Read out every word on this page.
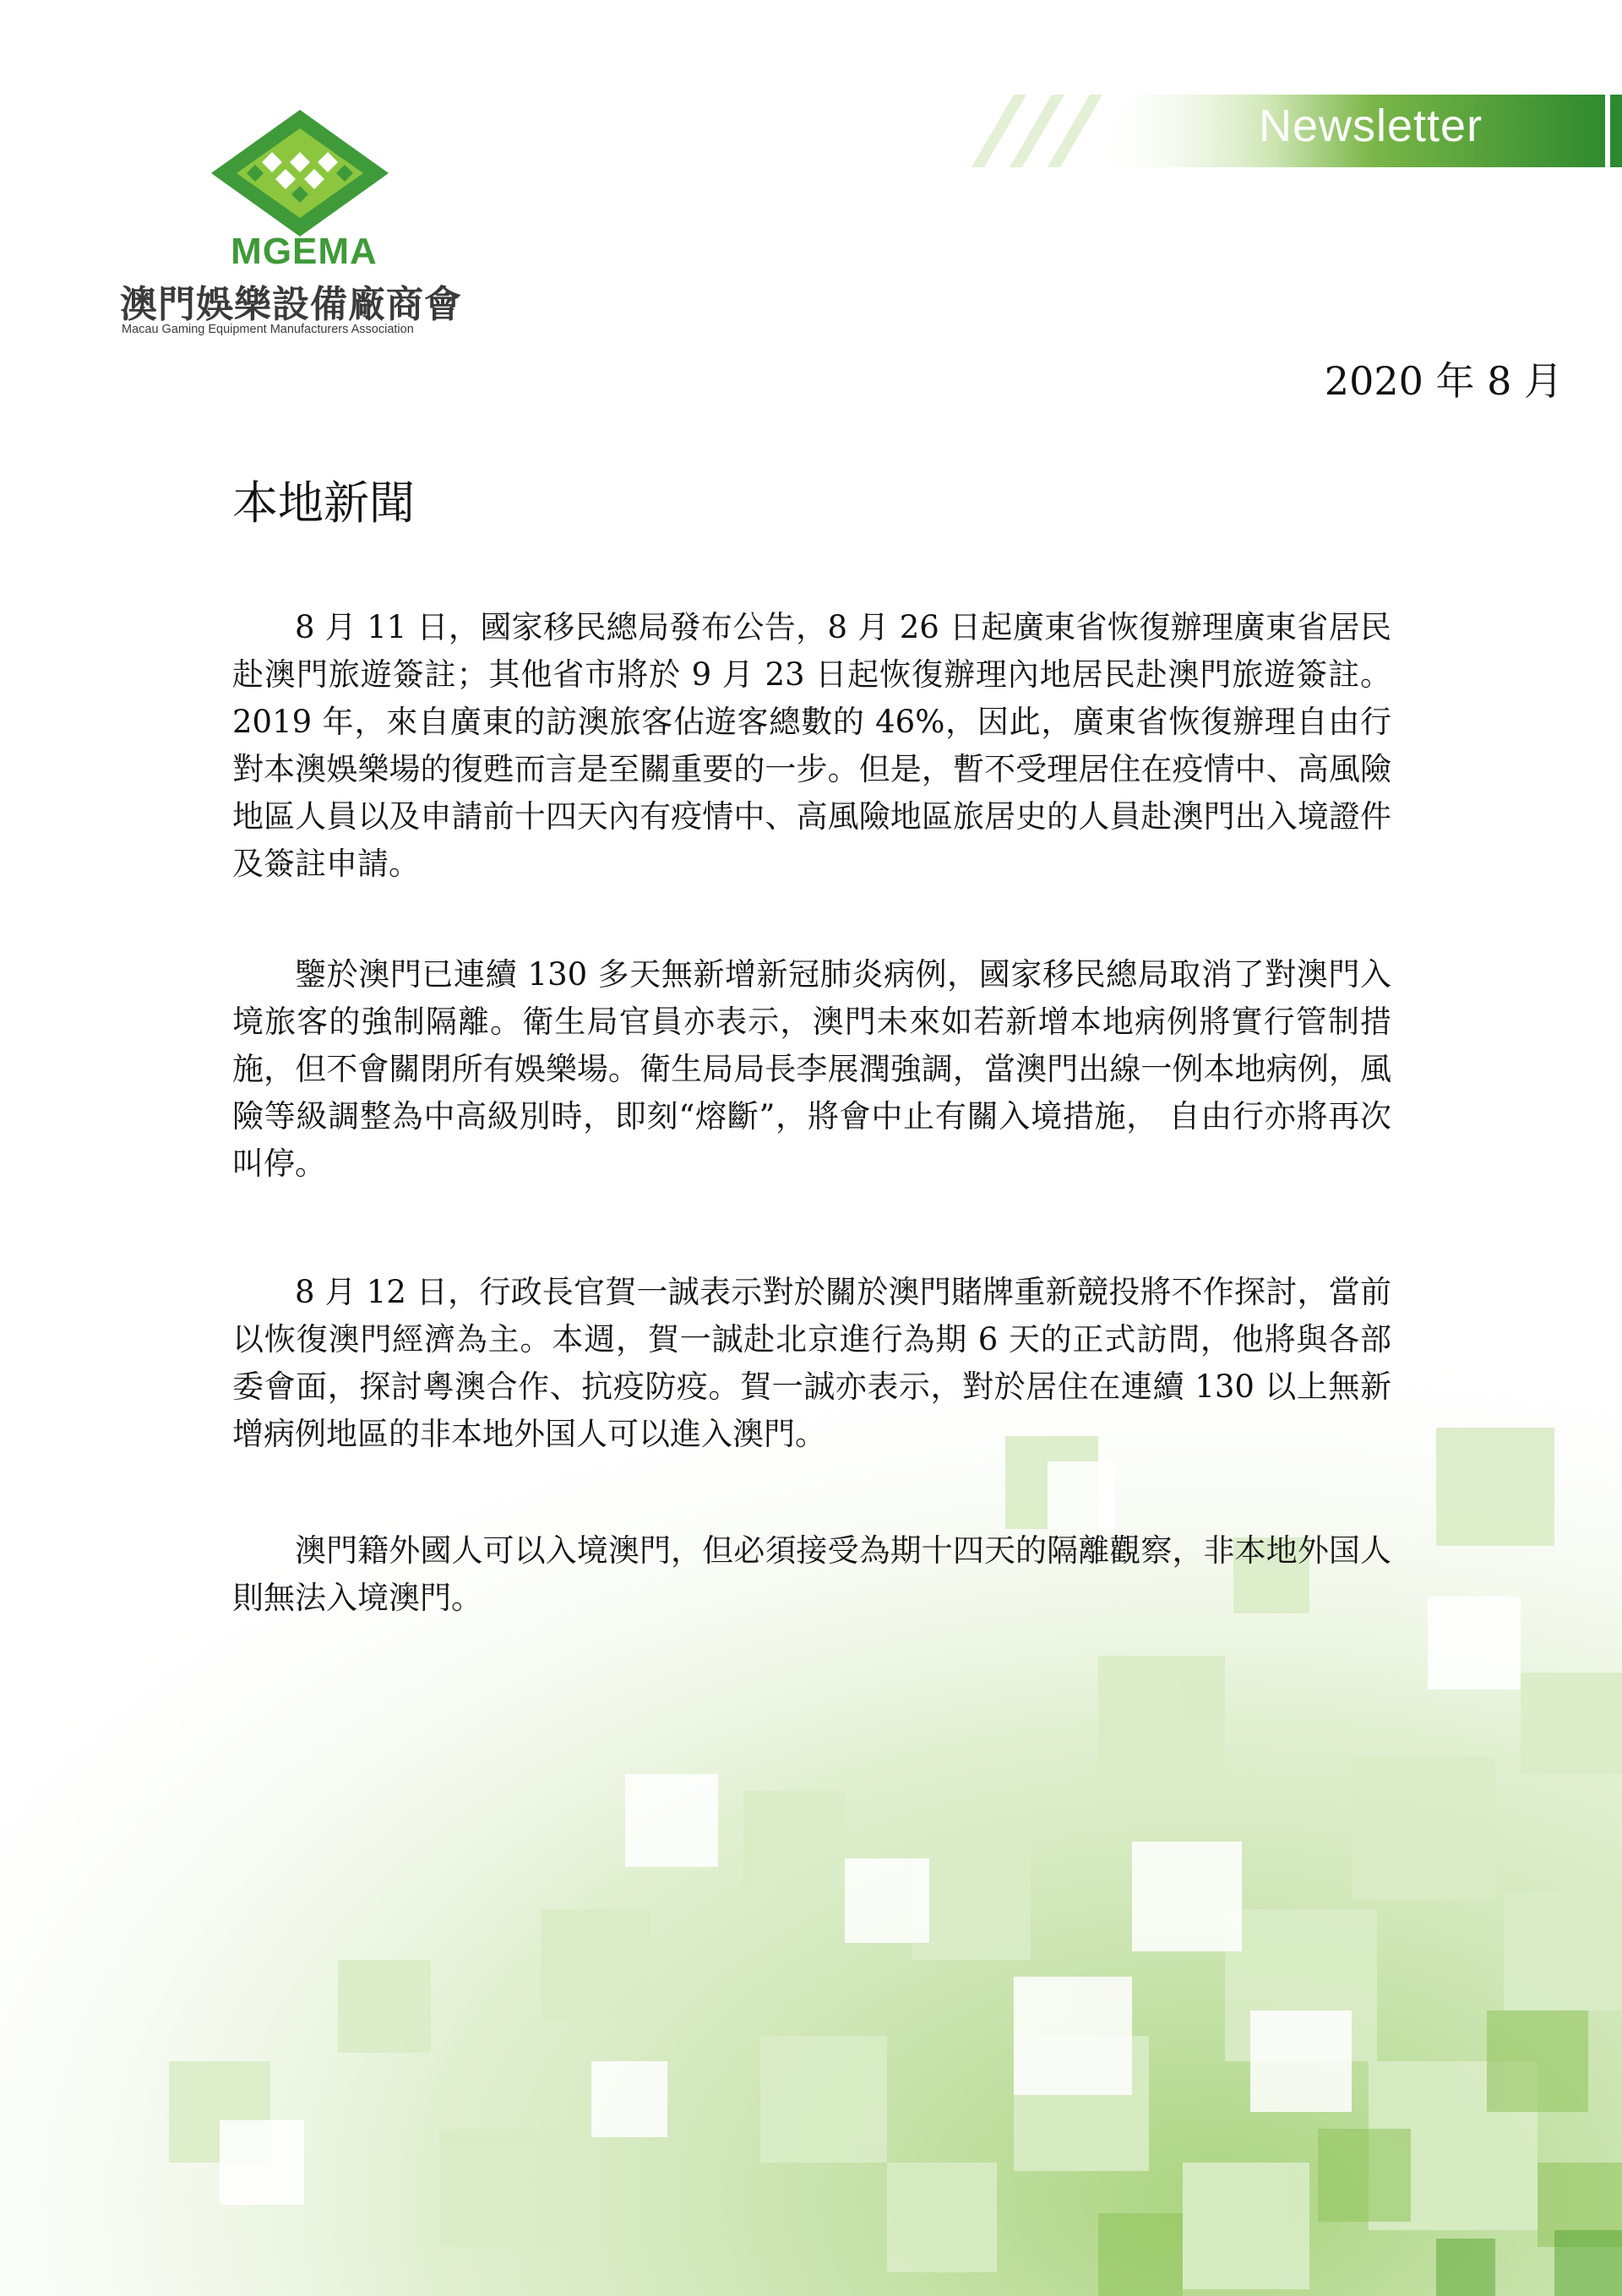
MGEMA
澳門娛樂設備廠商會
Macau Gaming Equipment Manufacturers Association
Newsletter
2020 年 8 月
本地新聞

8 月 11 日，國家移民總局發布公告，8 月 26 日起廣東省恢復辦理廣東省居民赴澳門旅遊簽註；其他省市將於 9 月 23 日起恢復辦理內地居民赴澳門旅遊簽註。2019 年，來自廣東的訪澳旅客佔遊客總數的 46%，因此，廣東省恢復辦理自由行對本澳娛樂場的復甦而言是至關重要的一步。但是，暫不受理居住在疫情中、高風險地區人員以及申請前十四天內有疫情中、高風險地區旅居史的人員赴澳門出入境證件及簽註申請。

鑒於澳門已連續 130 多天無新增新冠肺炎病例，國家移民總局取消了對澳門入境旅客的強制隔離。衛生局官員亦表示，澳門未來如若新增本地病例將實行管制措施，但不會關閉所有娛樂場。衛生局局長李展潤強調，當澳門出線一例本地病例，風險等級調整為中高級別時，即刻“熔斷”，將會中止有關入境措施， 自由行亦將再次叫停。

8 月 12 日，行政長官賀一誠表示對於關於澳門賭牌重新競投將不作探討，當前以恢復澳門經濟為主。本週，賀一誠赴北京進行為期 6 天的正式訪問，他將與各部委會面，探討粵澳合作、抗疫防疫。賀一誠亦表示，對於居住在連續 130 以上無新增病例地區的非本地外国人可以進入澳門。

澳門籍外國人可以入境澳門，但必須接受為期十四天的隔離觀察，非本地外国人則無法入境澳門。
